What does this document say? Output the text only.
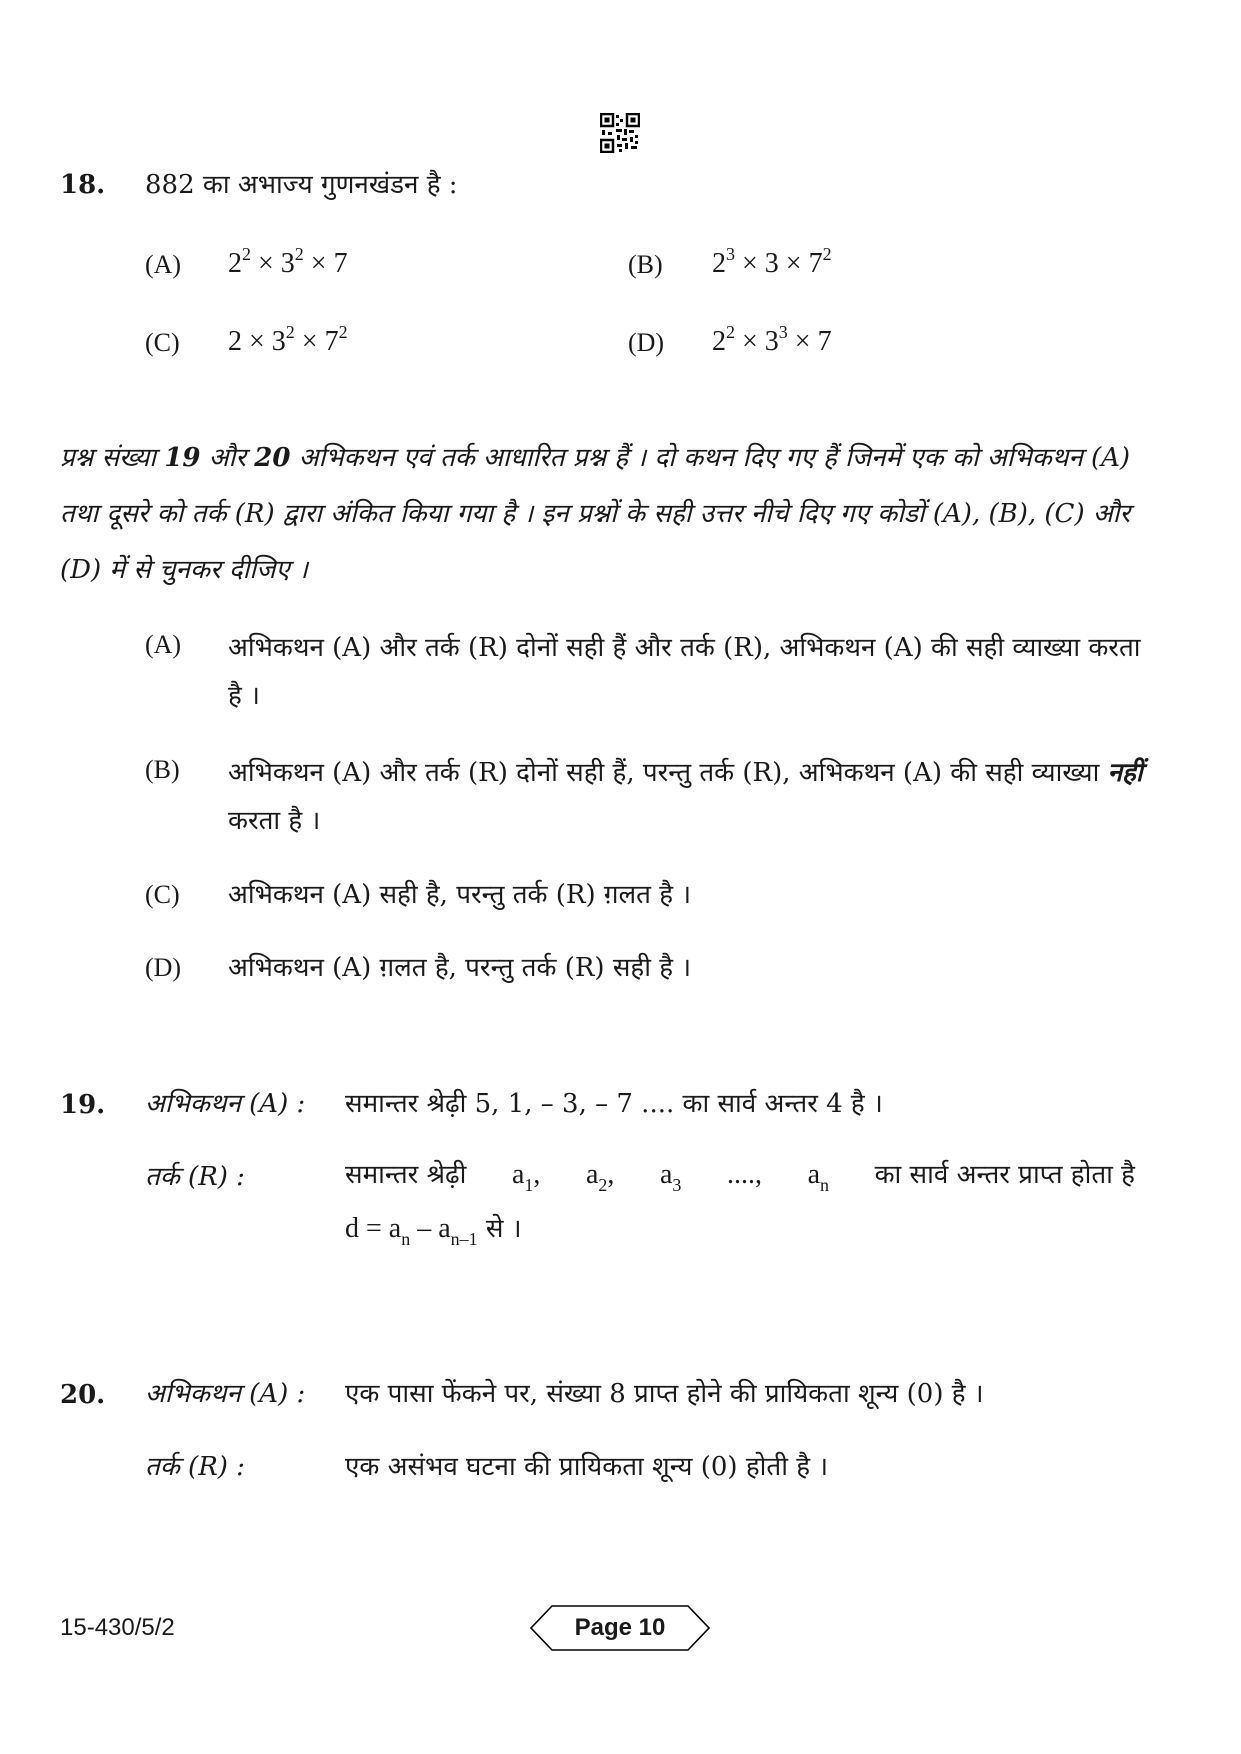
18. 882 का अभाज्य गुणनखंडन है :
(A) $2^2 \times 3^2 \times 7$	(B) $2^3 \times 3 \times 7^2$
(C) $2 \times 3^2 \times 7^2$	(D) $2^2 \times 3^3 \times 7$
प्रश्न संख्या 19 और 20 अभिकथन एवं तर्क आधारित प्रश्न हैं । दो कथन दिए गए हैं जिनमें एक को अभिकथन (A) तथा दूसरे को तर्क (R) द्वारा अंकित किया गया है । इन प्रश्नों के सही उत्तर नीचे दिए गए कोडों (A), (B), (C) और (D) में से चुनकर दीजिए ।
(A) अभिकथन (A) और तर्क (R) दोनों सही हैं और तर्क (R), अभिकथन (A) की सही व्याख्या करता है ।
(B) अभिकथन (A) और तर्क (R) दोनों सही हैं, परन्तु तर्क (R), अभिकथन (A) की सही व्याख्या नहीं करता है ।
(C) अभिकथन (A) सही है, परन्तु तर्क (R) ग़लत है ।
(D) अभिकथन (A) ग़लत है, परन्तु तर्क (R) सही है ।
19. अभिकथन (A) : समान्तर श्रेढ़ी 5, 1, – 3, – 7 .... का सार्व अन्तर 4 है ।
तर्क (R) :	समान्तर श्रेढ़ी $a_1$, $a_2$, $a_3$ ...., $a_n$ का सार्व अन्तर प्राप्त होता है
$d = a_n - a_{n-1}$ से ।
20. अभिकथन (A) : एक पासा फेंकने पर, संख्या 8 प्राप्त होने की प्रायिकता शून्य (0) है ।
तर्क (R) :	एक असंभव घटना की प्रायिकता शून्य (0) होती है ।
15-430/5/2	Page 10
